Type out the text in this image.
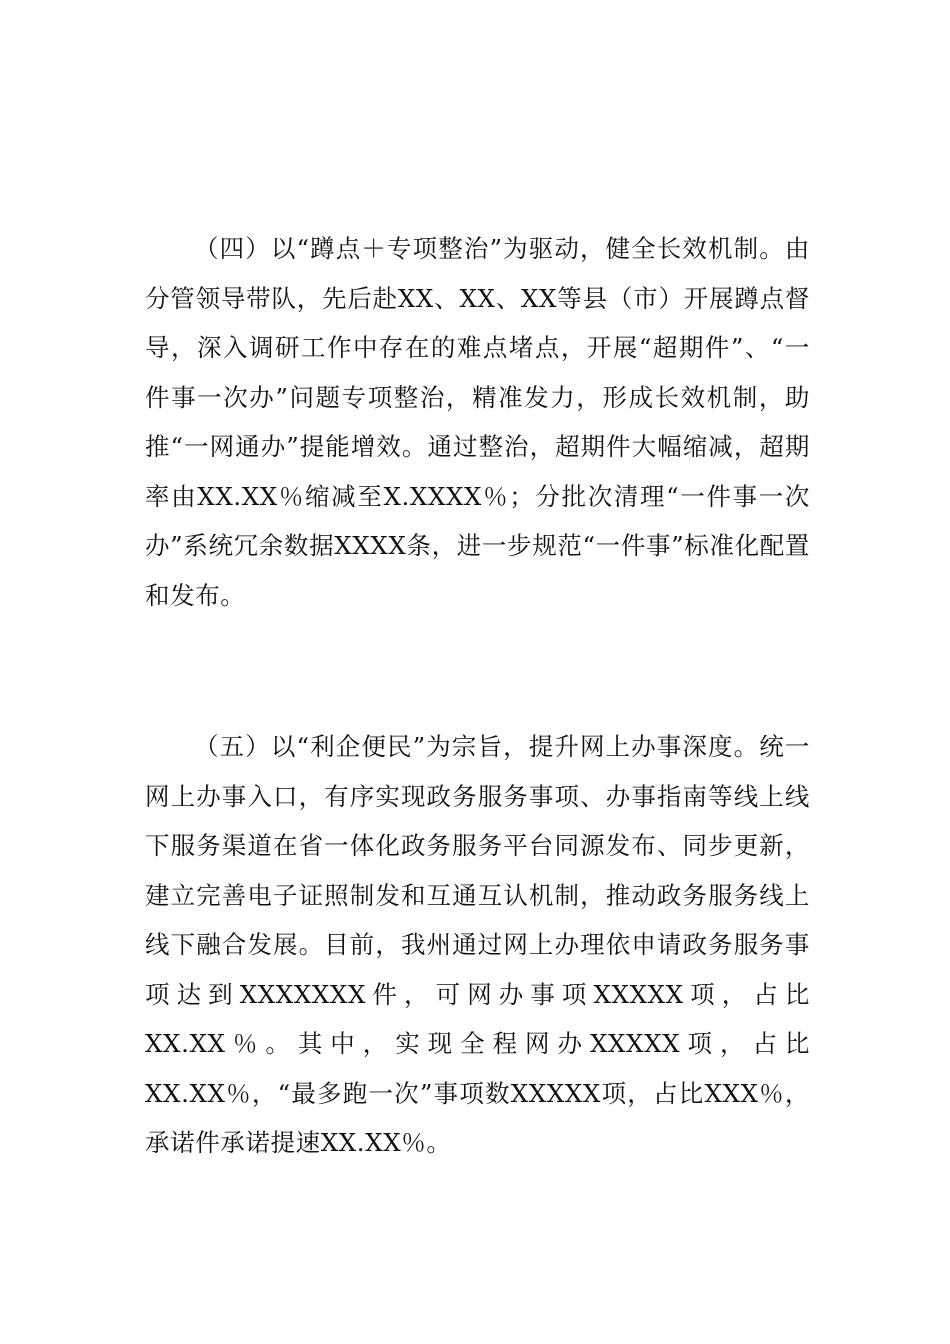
（四）以“蹲点＋专项整治”为驱动，健全长效机制。由分管领导带队，先后赴XX、XX、XX等县（市）开展蹲点督导，深入调研工作中存在的难点堵点，开展“超期件”、“一件事一次办”问题专项整治，精准发力，形成长效机制，助推“一网通办”提能增效。通过整治，超期件大幅缩减，超期率由XX.XX％缩减至X.XXXX％；分批次清理“一件事一次办”系统冗余数据XXXX条，进一步规范“一件事”标准化配置和发布。

（五）以“利企便民”为宗旨，提升网上办事深度。统一网上办事入口，有序实现政务服务事项、办事指南等线上线下服务渠道在省一体化政务服务平台同源发布、同步更新，建立完善电子证照制发和互通互认机制，推动政务服务线上线下融合发展。目前，我州通过网上办理依申请政务服务事项达到XXXXXXX件，可网办事项XXXXX项，占比XX.XX％。其中，实现全程网办XXXXX项，占比XX.XX％，“最多跑一次”事项数XXXXX项，占比XXX％，承诺件承诺提速XX.XX％。
